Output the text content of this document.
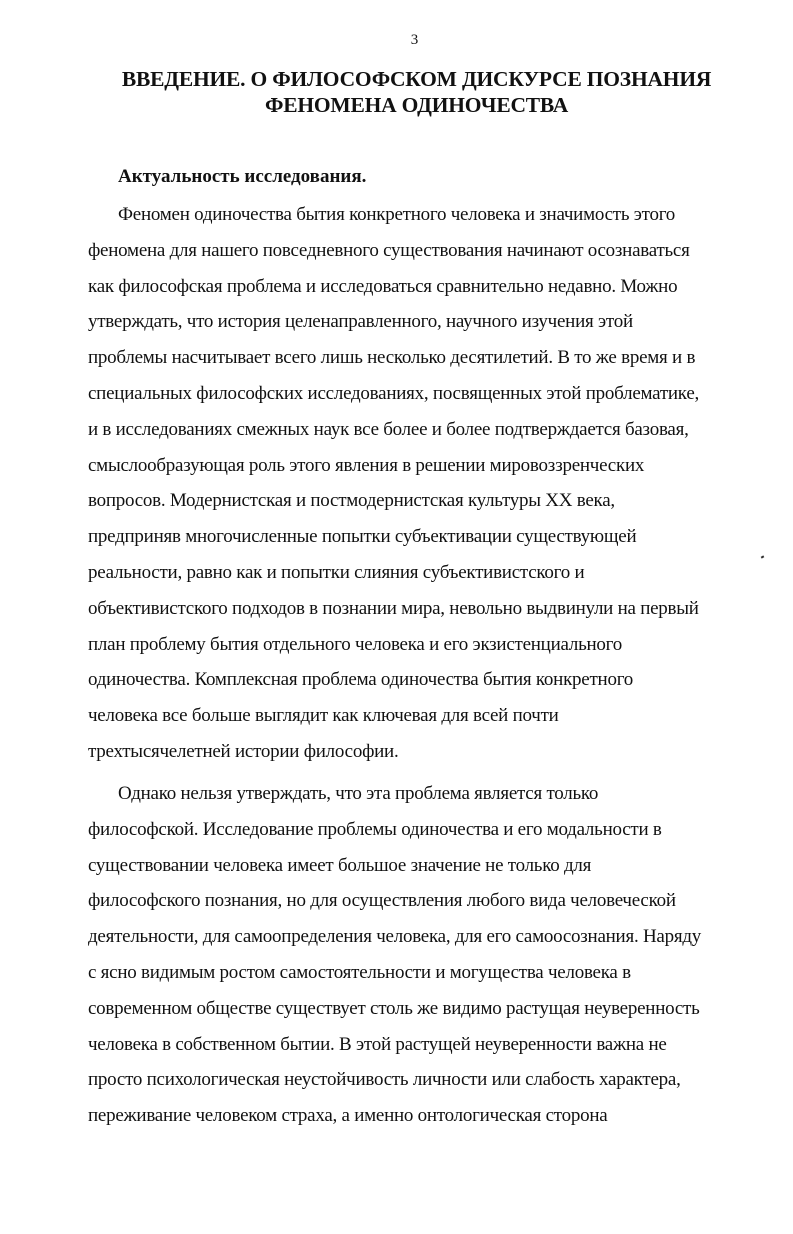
3
ВВЕДЕНИЕ. О ФИЛОСОФСКОМ ДИСКУРСЕ ПОЗНАНИЯ
ФЕНОМЕНА ОДИНОЧЕСТВА
Актуальность исследования.
Феномен одиночества бытия конкретного человека и значимость этого
феномена для нашего повседневного существования начинают осознаваться
как философская проблема и исследоваться сравнительно недавно. Можно
утверждать, что история целенаправленного, научного изучения этой
проблемы насчитывает всего лишь несколько десятилетий. В то же время и в
специальных философских исследованиях, посвященных этой проблематике,
и в исследованиях смежных наук все более и более подтверждается базовая,
смыслообразующая роль этого явления в решении мировоззренческих
вопросов. Модернистская и постмодернистская культуры XX века,
предприняв многочисленные попытки субъективации существующей
реальности, равно как и попытки слияния субъективистского и
объективистского подходов в познании мира, невольно выдвинули на первый
план проблему бытия отдельного человека и его экзистенциального
одиночества. Комплексная проблема одиночества бытия конкретного
человека все больше выглядит как ключевая для всей почти
трехтысячелетней истории философии.
Однако нельзя утверждать, что эта проблема является только
философской. Исследование проблемы одиночества и его модальности в
существовании человека имеет большое значение не только для
философского познания, но для осуществления любого вида человеческой
деятельности, для самоопределения человека, для его самоосознания. Наряду
с ясно видимым ростом самостоятельности и могущества человека в
современном обществе существует столь же видимо растущая неуверенность
человека в собственном бытии. В этой растущей неуверенности важна не
просто психологическая неустойчивость личности или слабость характера,
переживание человеком страха, а именно онтологическая сторона
